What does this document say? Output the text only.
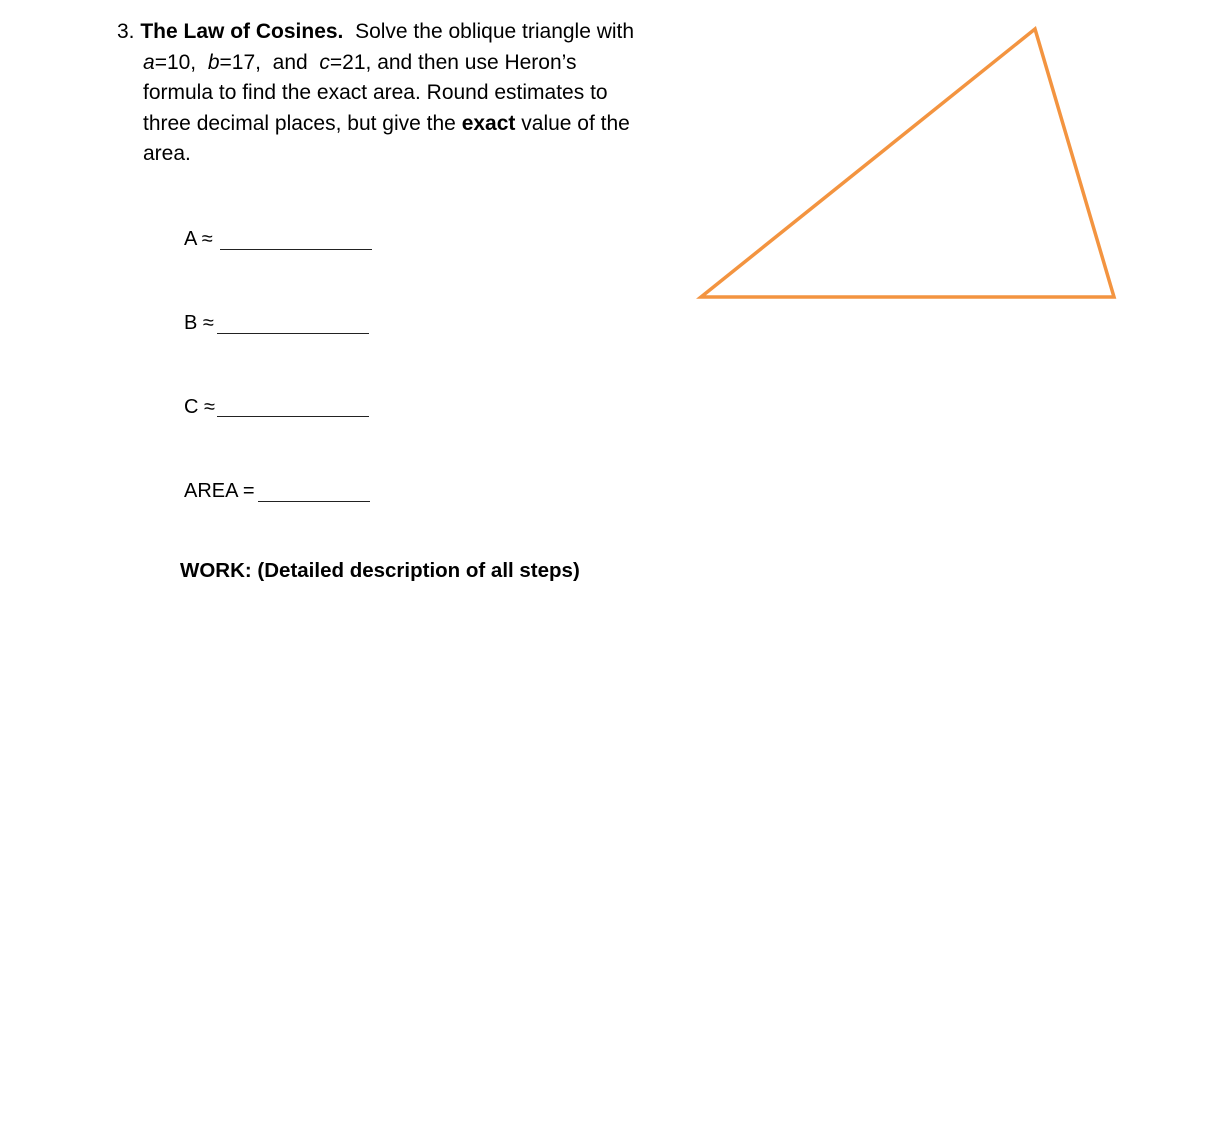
3. The Law of Cosines. Solve the oblique triangle with
a=10, b=17, and c=21, and then use Heron’s
formula to find the exact area. Round estimates to
three decimal places, but give the exact value of the
area.
A ≈
B ≈
C ≈
AREA =
WORK: (Detailed description of all steps)
